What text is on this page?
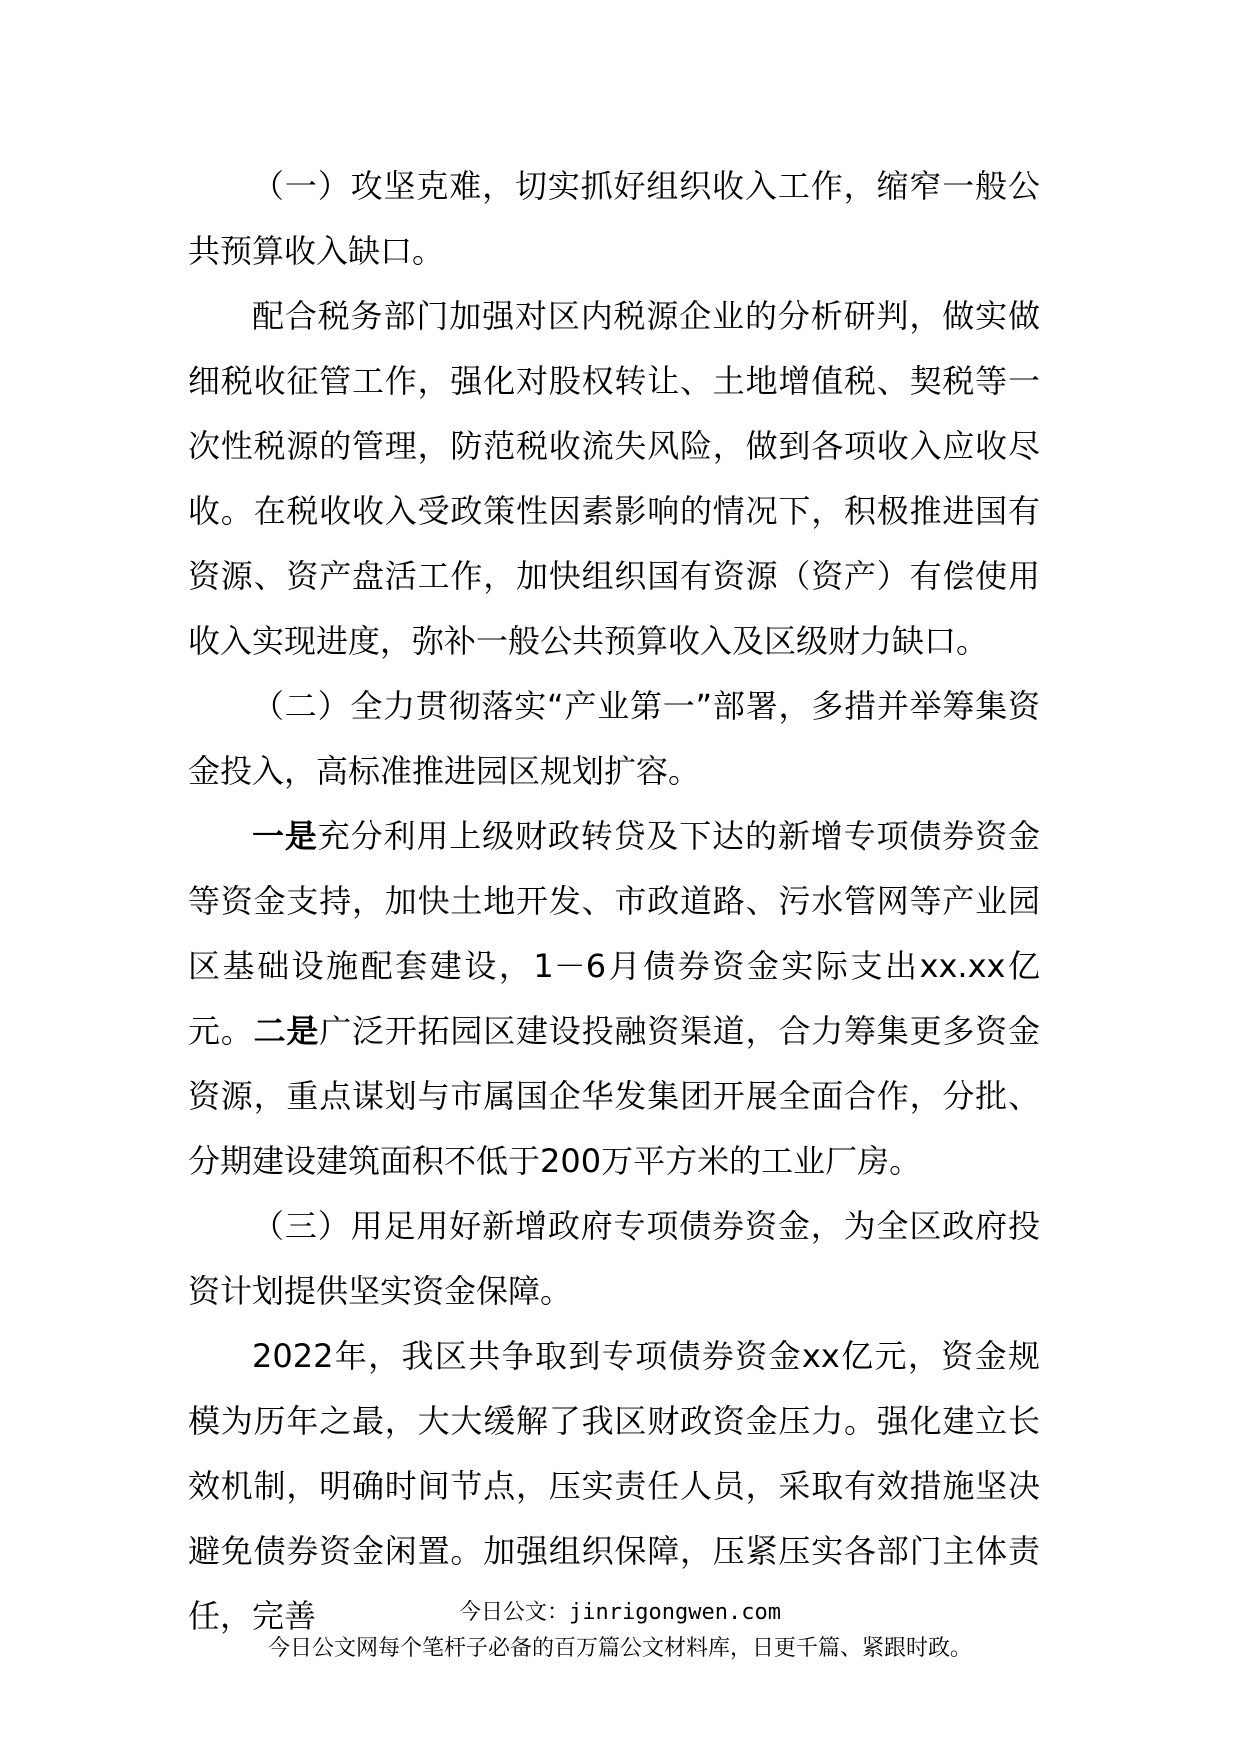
（一）攻坚克难，切实抓好组织收入工作，缩窄一般公共预算收入缺口。

配合税务部门加强对区内税源企业的分析研判，做实做细税收征管工作，强化对股权转让、土地增值税、契税等一次性税源的管理，防范税收流失风险，做到各项收入应收尽收。在税收收入受政策性因素影响的情况下，积极推进国有资源、资产盘活工作，加快组织国有资源（资产）有偿使用收入实现进度，弥补一般公共预算收入及区级财力缺口。

（二）全力贯彻落实“产业第一”部署，多措并举筹集资金投入，高标准推进园区规划扩容。

一是充分利用上级财政转贷及下达的新增专项债券资金等资金支持，加快土地开发、市政道路、污水管网等产业园区基础设施配套建设，1－6月债券资金实际支出xx.xx亿元。二是广泛开拓园区建设投融资渠道，合力筹集更多资金资源，重点谋划与市属国企华发集团开展全面合作，分批、分期建设建筑面积不低于200万平方米的工业厂房。

（三）用足用好新增政府专项债券资金，为全区政府投资计划提供坚实资金保障。

2022年，我区共争取到专项债券资金xx亿元，资金规模为历年之最，大大缓解了我区财政资金压力。强化建立长效机制，明确时间节点，压实责任人员，采取有效措施坚决避免债券资金闲置。加强组织保障，压紧压实各部门主体责任，完善	今日公文：jinrigongwen.com
今日公文网每个笔杆子必备的百万篇公文材料库，日更千篇、紧跟时政。
